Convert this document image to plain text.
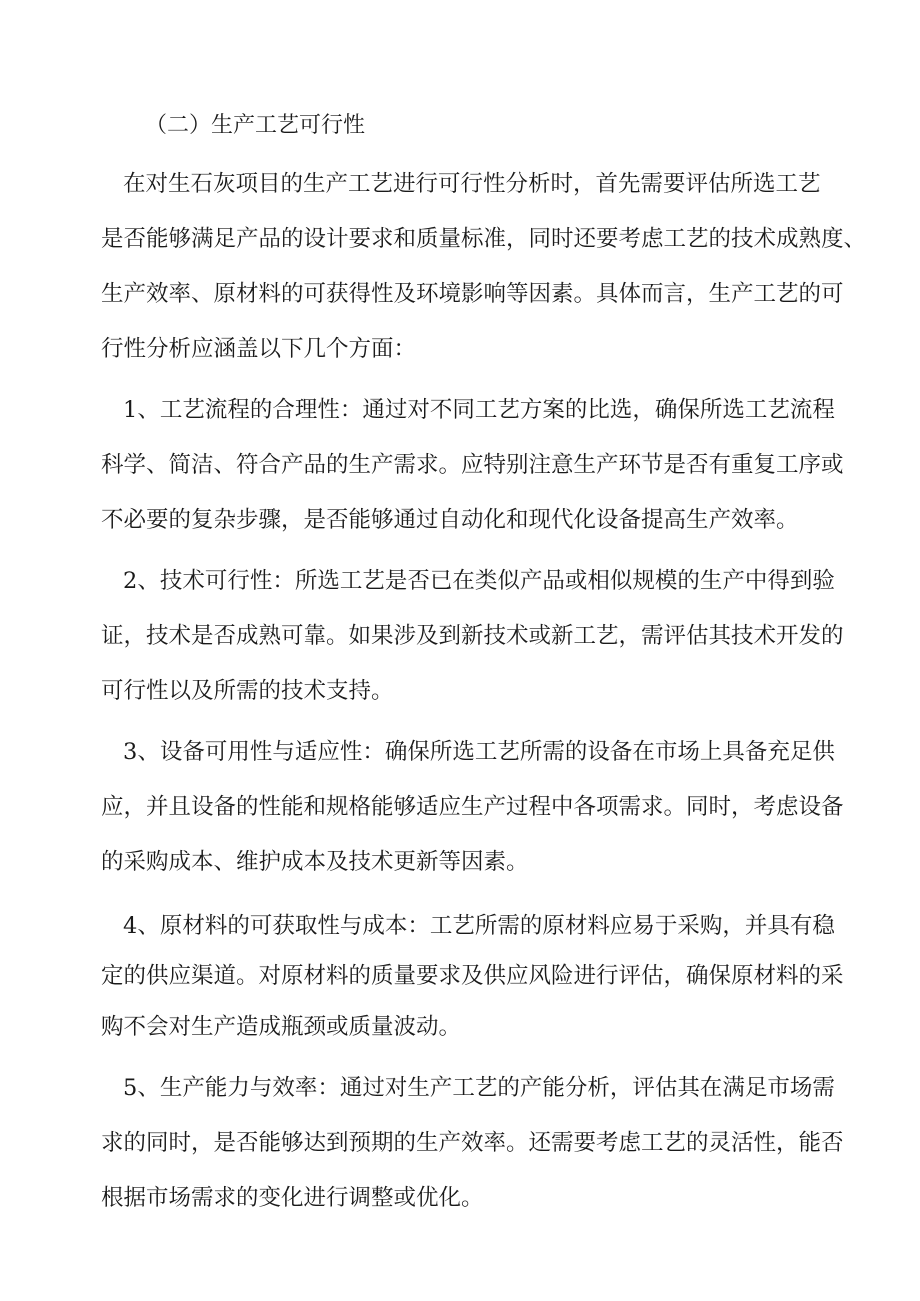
（二）生产工艺可行性
在对生石灰项目的生产工艺进行可行性分析时，首先需要评估所选工艺
是否能够满足产品的设计要求和质量标准，同时还要考虑工艺的技术成熟度、
生产效率、原材料的可获得性及环境影响等因素。具体而言，生产工艺的可
行性分析应涵盖以下几个方面：
1、工艺流程的合理性：通过对不同工艺方案的比选，确保所选工艺流程
科学、简洁、符合产品的生产需求。应特别注意生产环节是否有重复工序或
不必要的复杂步骤，是否能够通过自动化和现代化设备提高生产效率。
2、技术可行性：所选工艺是否已在类似产品或相似规模的生产中得到验
证，技术是否成熟可靠。如果涉及到新技术或新工艺，需评估其技术开发的
可行性以及所需的技术支持。
3、设备可用性与适应性：确保所选工艺所需的设备在市场上具备充足供
应，并且设备的性能和规格能够适应生产过程中各项需求。同时，考虑设备
的采购成本、维护成本及技术更新等因素。
4、原材料的可获取性与成本：工艺所需的原材料应易于采购，并具有稳
定的供应渠道。对原材料的质量要求及供应风险进行评估，确保原材料的采
购不会对生产造成瓶颈或质量波动。
5、生产能力与效率：通过对生产工艺的产能分析，评估其在满足市场需
求的同时，是否能够达到预期的生产效率。还需要考虑工艺的灵活性，能否
根据市场需求的变化进行调整或优化。
